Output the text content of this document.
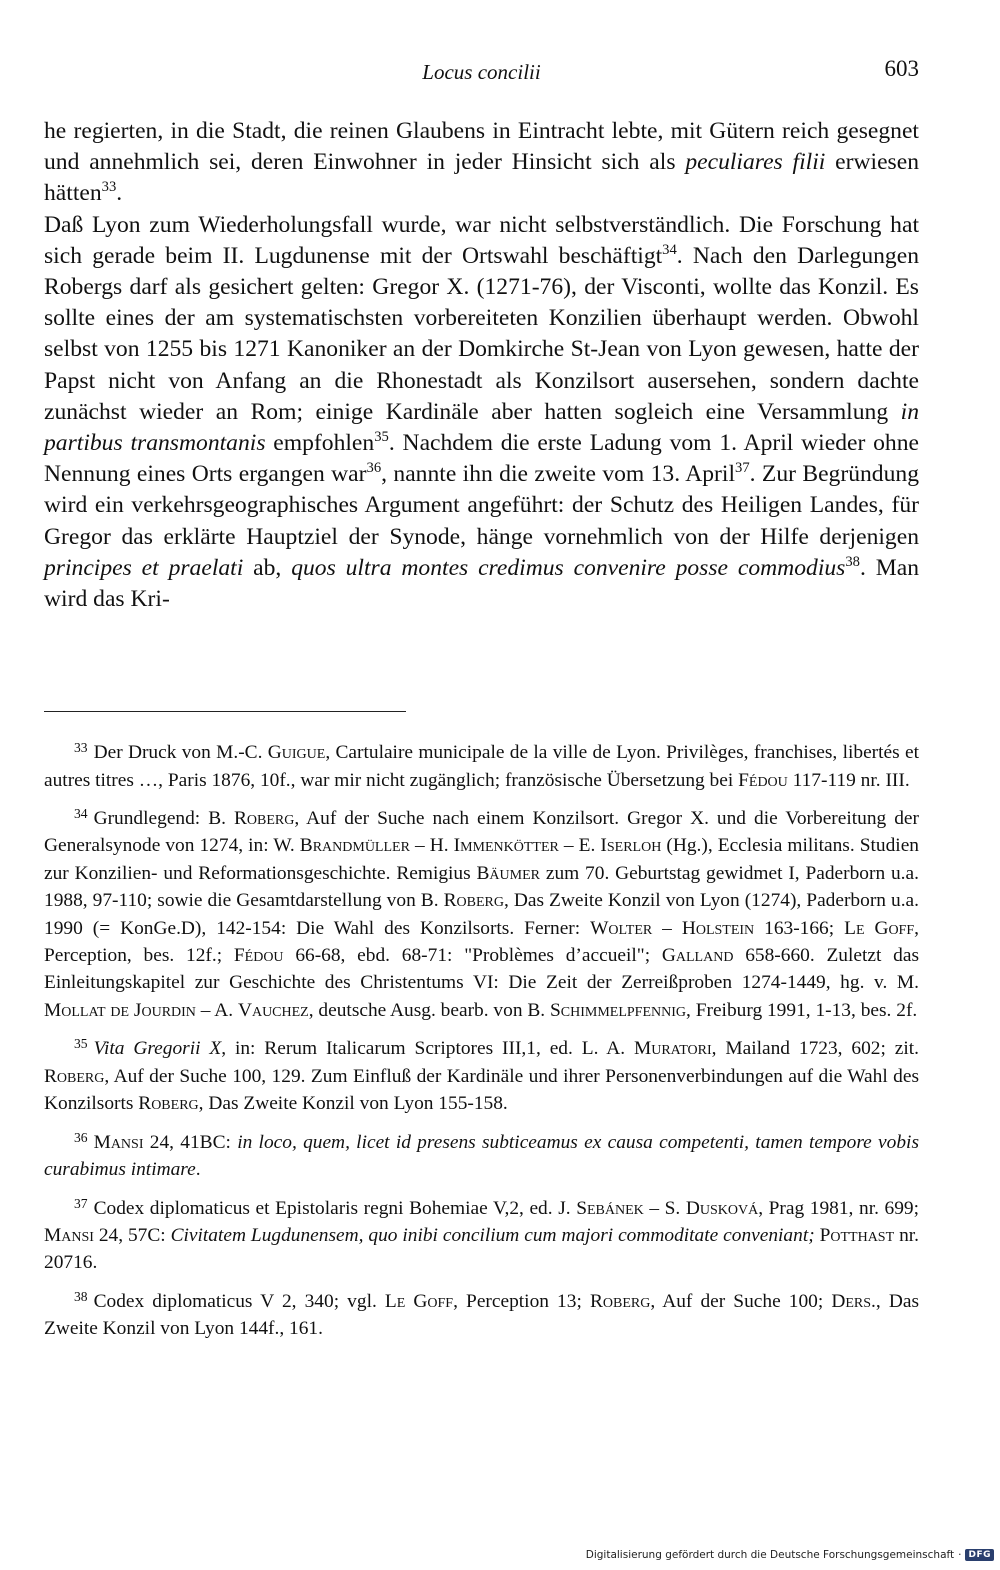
Locus concilii	603

he regierten, in die Stadt, die reinen Glaubens in Eintracht lebte, mit Gütern reich gesegnet und annehmlich sei, deren Einwohner in jeder Hinsicht sich als peculiares filii erwiesen hätten$^{33}$.

Daß Lyon zum Wiederholungsfall wurde, war nicht selbstverständlich. Die Forschung hat sich gerade beim II. Lugdunense mit der Ortswahl beschäftigt$^{34}$. Nach den Darlegungen Robergs darf als gesichert gelten: Gregor X. (1271-76), der Visconti, wollte das Konzil. Es sollte eines der am systematischsten vorbereiteten Konzilien überhaupt werden. Obwohl selbst von 1255 bis 1271 Kanoniker an der Domkirche St-Jean von Lyon gewesen, hatte der Papst nicht von Anfang an die Rhonestadt als Konzilsort ausersehen, sondern dachte zunächst wieder an Rom; einige Kardinäle aber hatten sogleich eine Versammlung in partibus transmontanis empfohlen$^{35}$. Nachdem die erste Ladung vom 1. April wieder ohne Nennung eines Orts ergangen war$^{36}$, nannte ihn die zweite vom 13. April$^{37}$. Zur Begründung wird ein verkehrsgeographisches Argument angeführt: der Schutz des Heiligen Landes, für Gregor das erklärte Hauptziel der Synode, hänge vornehmlich von der Hilfe derjenigen principes et praelati ab, quos ultra montes credimus convenire posse commodius$^{38}$. Man wird das Kri-

$^{33}$ Der Druck von M.-C. Guigue, Cartulaire municipale de la ville de Lyon. Privilèges, franchises, libertés et autres titres …, Paris 1876, 10f., war mir nicht zugänglich; französische Übersetzung bei Fédou 117-119 nr. III.

$^{34}$ Grundlegend: B. Roberg, Auf der Suche nach einem Konzilsort. Gregor X. und die Vorbereitung der Generalsynode von 1274, in: W. Brandmüller – H. Immenkötter – E. Iserloh (Hg.), Ecclesia militans. Studien zur Konzilien- und Reformationsgeschichte. Remigius Bäumer zum 70. Geburtstag gewidmet I, Paderborn u.a. 1988, 97-110; sowie die Gesamtdarstellung von B. Roberg, Das Zweite Konzil von Lyon (1274), Paderborn u.a. 1990 (= KonGe.D), 142-154: Die Wahl des Konzilsorts. Ferner: Wolter – Holstein 163-166; Le Goff, Perception, bes. 12f.; Fédou 66-68, ebd. 68-71: "Problèmes d’accueil"; Galland 658-660. Zuletzt das Einleitungskapitel zur Geschichte des Christentums VI: Die Zeit der Zerreißproben 1274-1449, hg. v. M. Mollat de Jourdin – A. Vauchez, deutsche Ausg. bearb. von B. Schimmelpfennig, Freiburg 1991, 1-13, bes. 2f.

$^{35}$ Vita Gregorii X, in: Rerum Italicarum Scriptores III,1, ed. L. A. Muratori, Mailand 1723, 602; zit. Roberg, Auf der Suche 100, 129. Zum Einfluß der Kardinäle und ihrer Personenverbindungen auf die Wahl des Konzilsorts Roberg, Das Zweite Konzil von Lyon 155-158.

$^{36}$ Mansi 24, 41BC: in loco, quem, licet id presens subticeamus ex causa competenti, tamen tempore vobis curabimus intimare.

$^{37}$ Codex diplomaticus et Epistolaris regni Bohemiae V,2, ed. J. Sebánek – S. Dusková, Prag 1981, nr. 699; Mansi 24, 57C: Civitatem Lugdunensem, quo inibi concilium cum majori commoditate conveniant; Potthast nr. 20716.

$^{38}$ Codex diplomaticus V 2, 340; vgl. Le Goff, Perception 13; Roberg, Auf der Suche 100; Ders., Das Zweite Konzil von Lyon 144f., 161.

Digitalisierung gefördert durch die Deutsche Forschungsgemeinschaft · DFG
